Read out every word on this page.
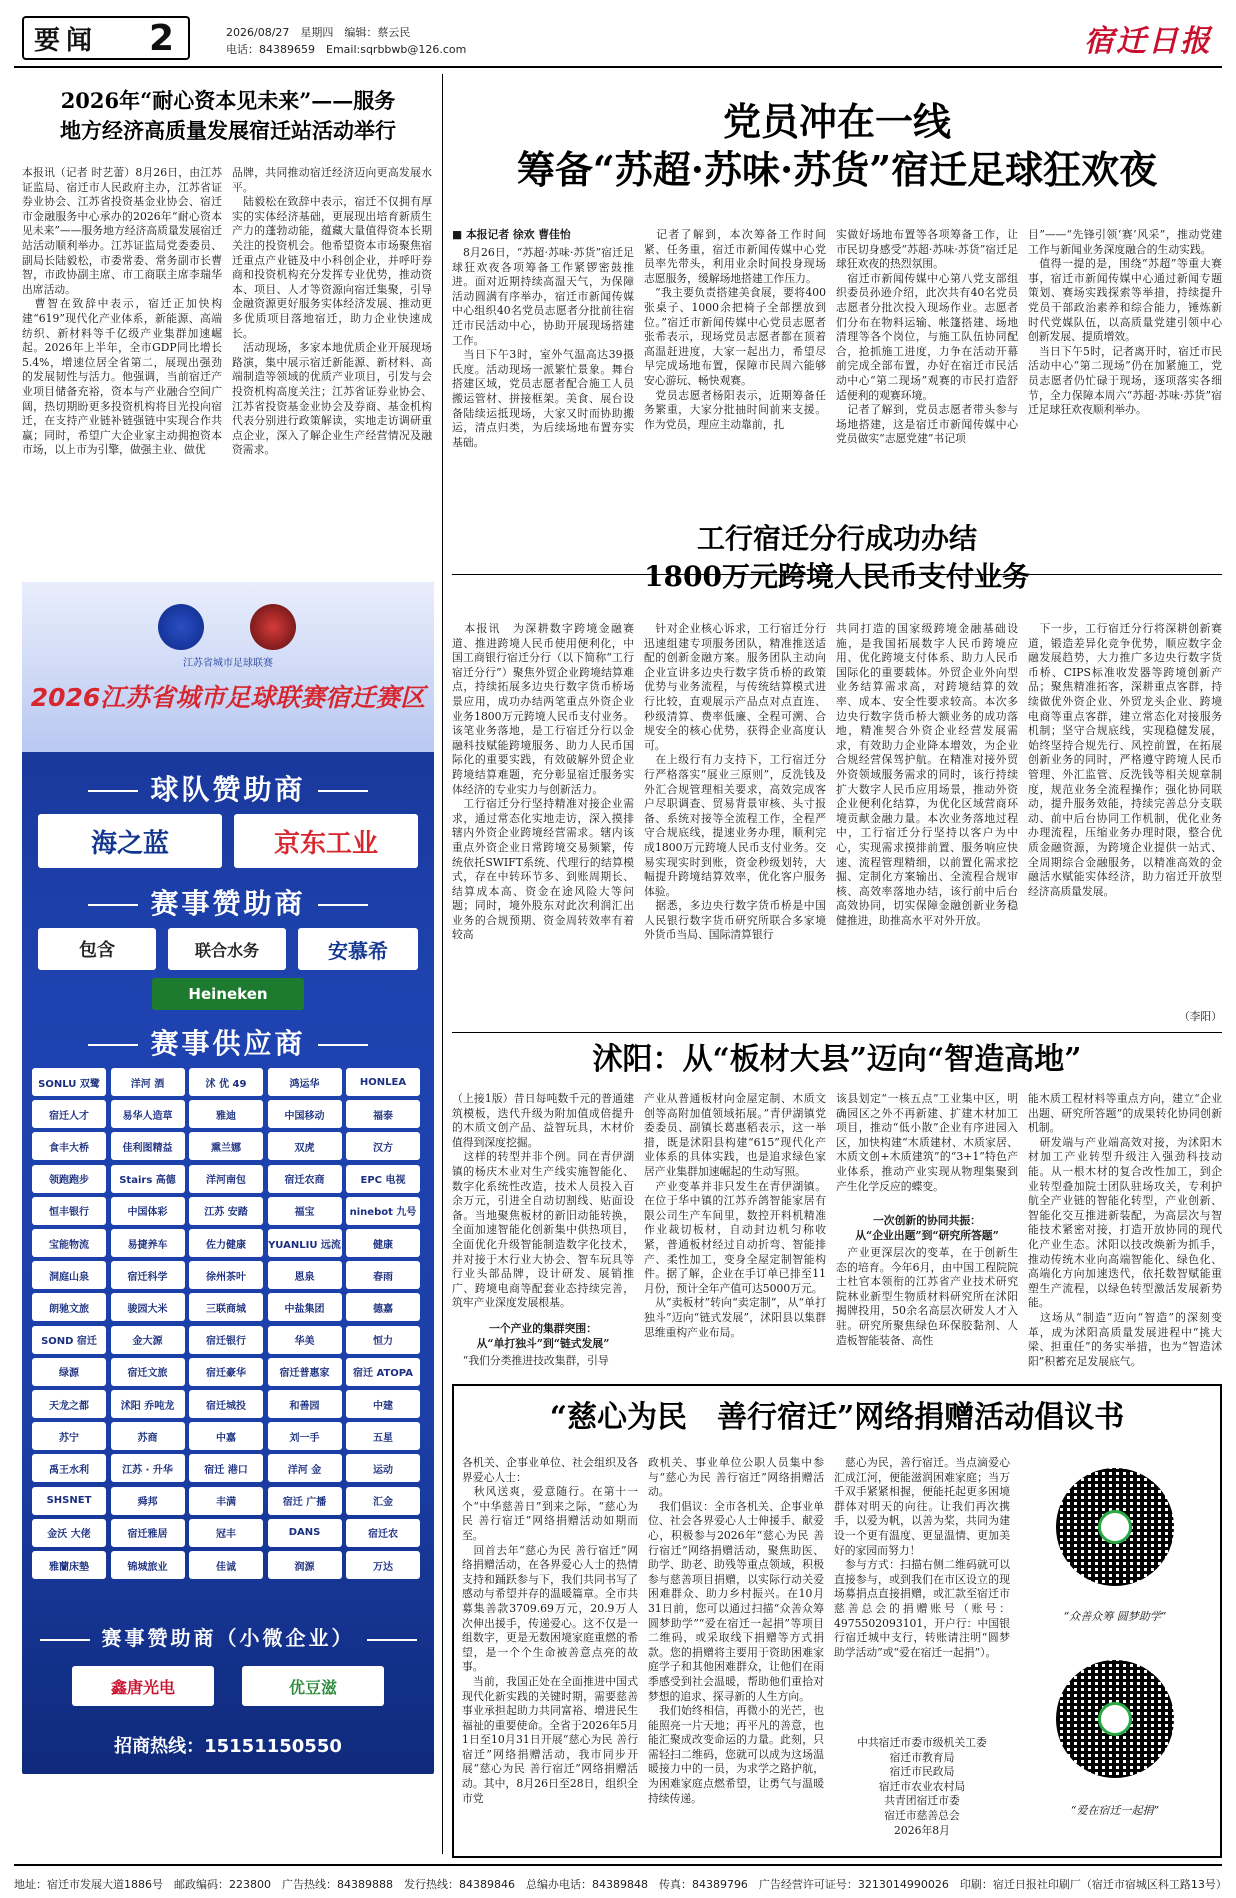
要闻 2	2026/08/27　星期四　编辑：蔡云民
电话：84389659　Email:sqrbbwb@126.com	宿迁日报
2026年“耐心资本见未来”——服务
地方经济高质量发展宿迁站活动举行
本报讯（记者 时艺蕾）8月26日，由江苏证监局、宿迁市人民政府主办，江苏省证券业协会、江苏省投资基金业协会、宿迁市金融服务中心承办的2026年“耐心资本见未来”——服务地方经济高质量发展宿迁站活动顺利举办。江苏证监局党委委员、副局长陆毅松，市委常委、常务副市长曹智，市政协副主席、市工商联主席李瑞华出席活动。
　曹智在致辞中表示，宿迁正加快构建“619”现代化产业体系，新能源、高端纺织、新材料等千亿级产业集群加速崛起。2026年上半年，全市GDP同比增长5.4%，增速位居全省第二，展现出强劲的发展韧性与活力。他强调，当前宿迁产业项目储备充裕，资本与产业融合空间广阔，热切期盼更多投资机构将目光投向宿迁，在支持产业链补链强链中实现合作共赢；同时，希望广大企业家主动拥抱资本市场，以上市为引擎，做强主业、做优
品牌，共同推动宿迁经济迈向更高发展水平。
　陆毅松在致辞中表示，宿迁不仅拥有厚实的实体经济基础，更展现出培育新质生产力的蓬勃动能，蕴藏大量值得资本长期关注的投资机会。他希望资本市场聚焦宿迁重点产业链及中小科创企业，并呼吁券商和投资机构充分发挥专业优势，推动资本、项目、人才等资源向宿迁集聚，引导金融资源更好服务实体经济发展、推动更多优质项目落地宿迁，助力企业快速成长。
　活动现场，多家本地优质企业开展现场路演，集中展示宿迁新能源、新材料、高端制造等领域的优质产业项目，引发与会投资机构高度关注；江苏省证券业协会、江苏省投资基金业协会及券商、基金机构代表分别进行政策解读，实地走访调研重点企业，深入了解企业生产经营情况及融资需求。
党员冲在一线
筹备“苏超·苏味·苏货”宿迁足球狂欢夜
■ 本报记者 徐欢 曹佳怡
　8月26日，“苏超·苏味·苏货”宿迁足球狂欢夜各项筹备工作紧锣密鼓推进。面对近期持续高温天气，为保障活动圆满有序举办，宿迁市新闻传媒中心组织40名党员志愿者分批前往宿迁市民活动中心，协助开展现场搭建工作。
　当日下午3时，室外气温高达39摄氏度。活动现场一派繁忙景象。舞台搭建区域，党员志愿者配合施工人员搬运管材、拼接框架。美食、展台设备陆续运抵现场，大家又时而协助搬运，清点归类，为后续场地布置夯实基础。
　记者了解到，本次筹备工作时间紧、任务重，宿迁市新闻传媒中心党员率先带头，利用业余时间投身现场志愿服务，缓解场地搭建工作压力。
　“我主要负责搭建美食展，要将400张桌子、1000余把椅子全部摆放到位。”宿迁市新闻传媒中心党员志愿者张希表示，现场党员志愿者都在顶着高温赶进度，大家一起出力，希望尽早完成场地布置，保障市民周六能够安心游玩、畅快观赛。
　党员志愿者杨阳表示，近期筹备任务繁重，大家分批抽时间前来支援。作为党员，理应主动靠前，扎
实做好场地布置等各项筹备工作，让市民切身感受“苏超·苏味·苏货”宿迁足球狂欢夜的热烈氛围。
　宿迁市新闻传媒中心第八党支部组织委员孙逊介绍，此次共有40名党员志愿者分批次投入现场作业。志愿者们分布在物料运输、帐篷搭建、场地清理等各个岗位，与施工队伍协同配合，抢抓施工进度，力争在活动开幕前完成全部布置，办好在宿迁市民活动中心“第二现场”观赛的市民打造舒适便利的观赛环境。
　记者了解到，党员志愿者带头参与场地搭建，这是宿迁市新闻传媒中心党员做实“志愿党建”书记项
目”——“先锋引领‘赛’风采”，推动党建工作与新闻业务深度融合的生动实践。
　值得一提的是，围绕“苏超”等重大赛事，宿迁市新闻传媒中心通过新闻专题策划、赛场实践探索等举措，持续提升党员干部政治素养和综合能力，锤炼新时代党媒队伍，以高质量党建引领中心创新发展、提质增效。
　当日下午5时，记者离开时，宿迁市民活动中心“第二现场”仍在加紧施工，党员志愿者仍忙碌于现场，逐项落实各细节，全力保障本周六“苏超·苏味·苏货”宿迁足球狂欢夜顺利举办。
工行宿迁分行成功办结
1800万元跨境人民币支付业务
　本报讯　为深耕数字跨境金融赛道、推进跨境人民币使用便利化，中国工商银行宿迁分行（以下简称“工行宿迁分行”）聚焦外贸企业跨境结算难点，持续拓展多边央行数字货币桥场景应用，成功办结两笔重点外资企业业务1800万元跨境人民币支付业务。该笔业务落地，是工行宿迁分行以金融科技赋能跨境服务、助力人民币国际化的重要实践，有效破解外贸企业跨境结算难题，充分彰显宿迁服务实体经济的专业实力与创新活力。
　工行宿迁分行坚持精准对接企业需求，通过常态化实地走访，深入摸排辖内外资企业跨境经营需求。辖内该重点外资企业日常跨境交易频繁，传统依托SWIFT系统、代理行的结算模式，存在中转环节多、到账周期长、结算成本高、资金在途风险大等问题；同时，境外股东对此次利润汇出业务的合规预期、资金周转效率有着较高
　针对企业核心诉求，工行宿迁分行迅速组建专项服务团队，精准推送适配的创新金融方案。服务团队主动向企业宣讲多边央行数字货币桥的政策优势与业务流程，与传统结算模式进行比较，直观展示产品点对点直连、秒级清算、费率低廉、全程可溯、合规安全的核心优势，获得企业高度认可。
　在上级行有力支持下，工行宿迁分行严格落实“展业三原则”，反洗钱及外汇合规管理相关要求，高效完成客户尽职调查、贸易背景审核、头寸报备、系统对接等全流程工作，全程严守合规底线，提速业务办理，顺利完成1800万元跨境人民币支付业务。交易实现实时到账，资金秒级划转，大幅提升跨境结算效率，优化客户服务体验。
　据悉，多边央行数字货币桥是中国人民银行数字货币研究所联合多家境外货币当局、国际清算银行
共同打造的国家级跨境金融基础设施，是我国拓展数字人民币跨境应用、优化跨境支付体系、助力人民币国际化的重要载体。外贸企业外向型业务结算需求高，对跨境结算的效率、成本、安全性要求较高。本次多边央行数字货币桥大额业务的成功落地，精准契合外资企业经营发展需求，有效助力企业降本增效，为企业合规经营保驾护航。在精准对接外贸外资领域服务需求的同时，该行持续扩大数字人民币应用场景，推动外资企业便利化结算，为优化区域营商环境贡献金融力量。本次业务落地过程中，工行宿迁分行坚持以客户为中心，实现需求摸排前置、服务响应快速、流程管理精细，以前置化需求挖掘、定制化方案输出、全流程合规审核、高效率落地办结，该行前中后台高效协同，切实保障金融创新业务稳健推进，助推高水平对外开放。
　下一步，工行宿迁分行将深耕创新赛道，锻造差异化竞争优势，顺应数字金融发展趋势，大力推广多边央行数字货币桥、CIPS标准收发器等跨境创新产品；聚焦精准拓客，深耕重点客群，持续做优外资企业、外贸龙头企业、跨境电商等重点客群，建立常态化对接服务机制；坚守合规底线，实现稳健发展，始终坚持合规先行、风控前置，在拓展创新业务的同时，严格遵守跨境人民币管理、外汇监管、反洗钱等相关规章制度，规范业务全流程操作；强化协同联动，提升服务效能，持续完善总分支联动、前中后台协同工作机制，优化业务办理流程，压缩业务办理时限，整合优质金融资源，为跨境企业提供一站式、全周期综合金融服务，以精准高效的金融活水赋能实体经济，助力宿迁开放型经济高质量发展。
（李阳）
沭阳：从“板材大县”迈向“智造高地”
（上接1版）昔日每吨数千元的普通建筑模板，迭代升级为附加值成倍提升的木质文创产品、益智玩具，木材价值得到深度挖掘。
　这样的转型并非个例。同在青伊湖镇的杨庆木业对生产线实施智能化、数字化系统性改造，技术人员投入百余万元，引进全自动切割线、贴面设备。当地聚焦板材的新旧动能转换，全面加速智能化创新集中供热项目，全面优化升级智能制造数字化技术，并对接于木行业大协会、智车玩具等行业头部品牌，设计研发、展销推广、跨境电商等配套业态持续完善，筑牢产业深度发展根基。
一个产业的集群突围：
从“单打独斗”到“链式发展”
　“我们分类推进技改集群，引导
产业从普通板材向金屋定制、木质文创等高附加值领域拓展。”青伊湖镇党委委员、副镇长葛惠稻表示，这一举措，既是沭阳县构建“615”现代化产业体系的具体实践，也是追求绿色家居产业集群加速崛起的生动写照。
　产业变革并非只发生在青伊湖镇。在位于华中镇的江苏乔鸽智能家居有限公司生产车间里，数控开料机精准作业裁切板材，自动封边机匀称收紧，普通板材经过自动折弯、智能排产、柔性加工，变身全屋定制智能构件。据了解，企业在手订单已排至11月份，预计全年产值可达5000万元。
　从“卖板材”转向“卖定制”，从“单打独斗”迈向“链式发展”，沭阳县以集群思维重构产业布局。
该县划定“一核五点”工业集中区，明确园区之外不再新建、扩建木材加工项目，推动“低小散”企业有序进园入区，加快构建“木质建材、木质家居、木质文创+木质建筑”的“3+1”特色产业体系，推动产业实现从物理集聚到产生化学反应的蝶变。
一次创新的协同共振：
从“企业出题”到“研究所答题”
　产业更深层次的变革，在于创新生态的培育。今年6月，由中国工程院院士杜官本领衔的江苏省产业技术研究院林业新型生物质材料研究所在沭阳揭牌投用，50余名高层次研发人才入驻。研究所聚焦绿色环保胶黏剂、人造板智能装备、高性
能木质工程材料等重点方向，建立“企业出题、研究所答题”的成果转化协同创新机制。
　研发端与产业端高效对接，为沭阳木材加工产业转型升级注入强劲科技动能。从一根木材的复合改性加工，到企业转型叠加院士团队驻场攻关，专利护航全产业链的智能化转型，产业创新、智能化交互推进新装配，为高层次与智能技术紧密对接，打造开放协同的现代化产业生态。沭阳以技改焕新为抓手，推动传统木业向高端智能化、绿色化、高端化方向加速迭代，依托数智赋能重塑生产流程，以绿色转型激活发展新势能。
　这场从“制造”迈向“智造”的深刻变革，成为沭阳高质量发展进程中“挑大梁、担重任”的务实举措，也为“智造沭阳”积蓄充足发展底气。
“慈心为民　善行宿迁”网络捐赠活动倡议书
各机关、企事业单位、社会组织及各界爱心人士：
　秋风送爽，爱意随行。在第十一个“中华慈善日”到来之际，“慈心为民 善行宿迁”网络捐赠活动如期而至。
　回首去年“慈心为民 善行宿迁”网络捐赠活动，在各界爱心人士的热情支持和踊跃参与下，我们共同书写了感动与希望并存的温暖篇章。全市共募集善款3709.69万元，20.9万人次伸出援手，传递爱心。这不仅是一组数字，更是无数困境家庭重燃的希望，是一个个生命被善意点亮的故事。
　当前，我国正处在全面推进中国式现代化新实践的关键时期，需要慈善事业承担起助力共同富裕、增进民生福祉的重要使命。全省于2026年5月1日至10月31日开展“慈心为民 善行宿迁”网络捐赠活动，我市同步开展“慈心为民 善行宿迁”网络捐赠活动。其中，8月26日至28日，组织全市党
政机关、事业单位公职人员集中参与“慈心为民 善行宿迁”网络捐赠活动。
　我们倡议：全市各机关、企事业单位、社会各界爱心人士伸援手、献爱心，积极参与2026年“慈心为民 善行宿迁”网络捐赠活动，聚焦助医、助学、助老、助残等重点领域，积极参与慈善项目捐赠，以实际行动关爱困难群众、助力乡村振兴。在10月31日前，您可以通过扫描“众善众筹 圆梦助学”“爱在宿迁一起捐”等项目二维码，或采取线下捐赠等方式捐款。您的捐赠将主要用于资助困难家庭学子和其他困难群众，让他们在雨季感受到社会温暖，帮助他们重拾对梦想的追求、探寻新的人生方向。
　我们始终相信，再微小的光芒，也能照亮一片天地；再平凡的善意，也能汇聚成改变命运的力量。此刻，只需轻扫二维码，您就可以成为这场温暖接力中的一员，为求学之路护航，为困难家庭点燃希望，让勇气与温暖持续传递。
　慈心为民，善行宿迁。当点滴爱心汇成江河，便能滋润困难家庭；当万千双手紧紧相握，便能托起更多困境群体对明天的向往。让我们再次携手，以爱为帆，以善为桨，共同为建设一个更有温度、更显温情、更加美好的家园而努力！
　参与方式：扫描右侧二维码就可以直接参与，或到我们在市区设立的现场募捐点直接捐赠，或汇款至宿迁市慈善总会的捐赠账号（账号：4975502093101，开户行：中国银行宿迁城中支行，转账请注明“圆梦助学活动”或“爱在宿迁一起捐”）。
中共宿迁市委市级机关工委
宿迁市教育局
宿迁市民政局
宿迁市农业农村局
共青团宿迁市委
宿迁市慈善总会
2026年8月
“众善众筹 圆梦助学”
“爱在宿迁一起捐”
江苏省城市足球联赛
2026江苏省城市足球联赛宿迁赛区
球队赞助商
海之蓝	京东工业
赛事赞助商
包含	联合水务	安慕希
Heineken
赛事供应商
SONLU 双鹭	洋河 酒	沭 优 49	鸿运华	HONLEA
宿迁人才	易华人造草	雅迪	中国移动	福泰
食丰大桥	佳利图精益	熏兰娜	双虎	汉方
领跑跑步	Stairs 高德	洋河南包	宿迁农商	EPC 电视
恒丰银行	中国体彩	江苏 安踏	福宝	ninebot 九号
宝能物流	易捷养车	佐力健康	YUANLIU 远流	健康
洞庭山泉	宿迁科学	徐州茶叶	恩泉	春雨
朗驰文旅	骏园大米	三联商城	中盐集团	德嘉
SOND 宿迁	金大源	宿迁银行	华美	恒力
绿源	宿迁文旅	宿迁豪华	宿迁普惠家	宿迁 ATOPA
天龙之都	沭阳 乔吨龙	宿迁城投	和善园	中建
苏宁	苏商	中嘉	刘一手	五星
禹王水利	江苏 · 升华	宿迁 港口	洋河 金	运动
SHSNET	舜邦	丰满	宿迁 广播	汇金
金沃 大佬	宿迁雅居	冠丰	DANS	宿迁农
雅蘭床墊	锦城旅业	佳诚	润源	万达
赛事赞助商（小微企业）
鑫唐光电	优豆滋
招商热线：15151150550
地址：宿迁市发展大道1886号　邮政编码：223800　广告热线：84389888　发行热线：84389846　总编办电话：84389848　传真：84389796　广告经营许可证号：3213014990026　印刷：宿迁日报社印刷厂（宿迁市宿城区科工路13号）
